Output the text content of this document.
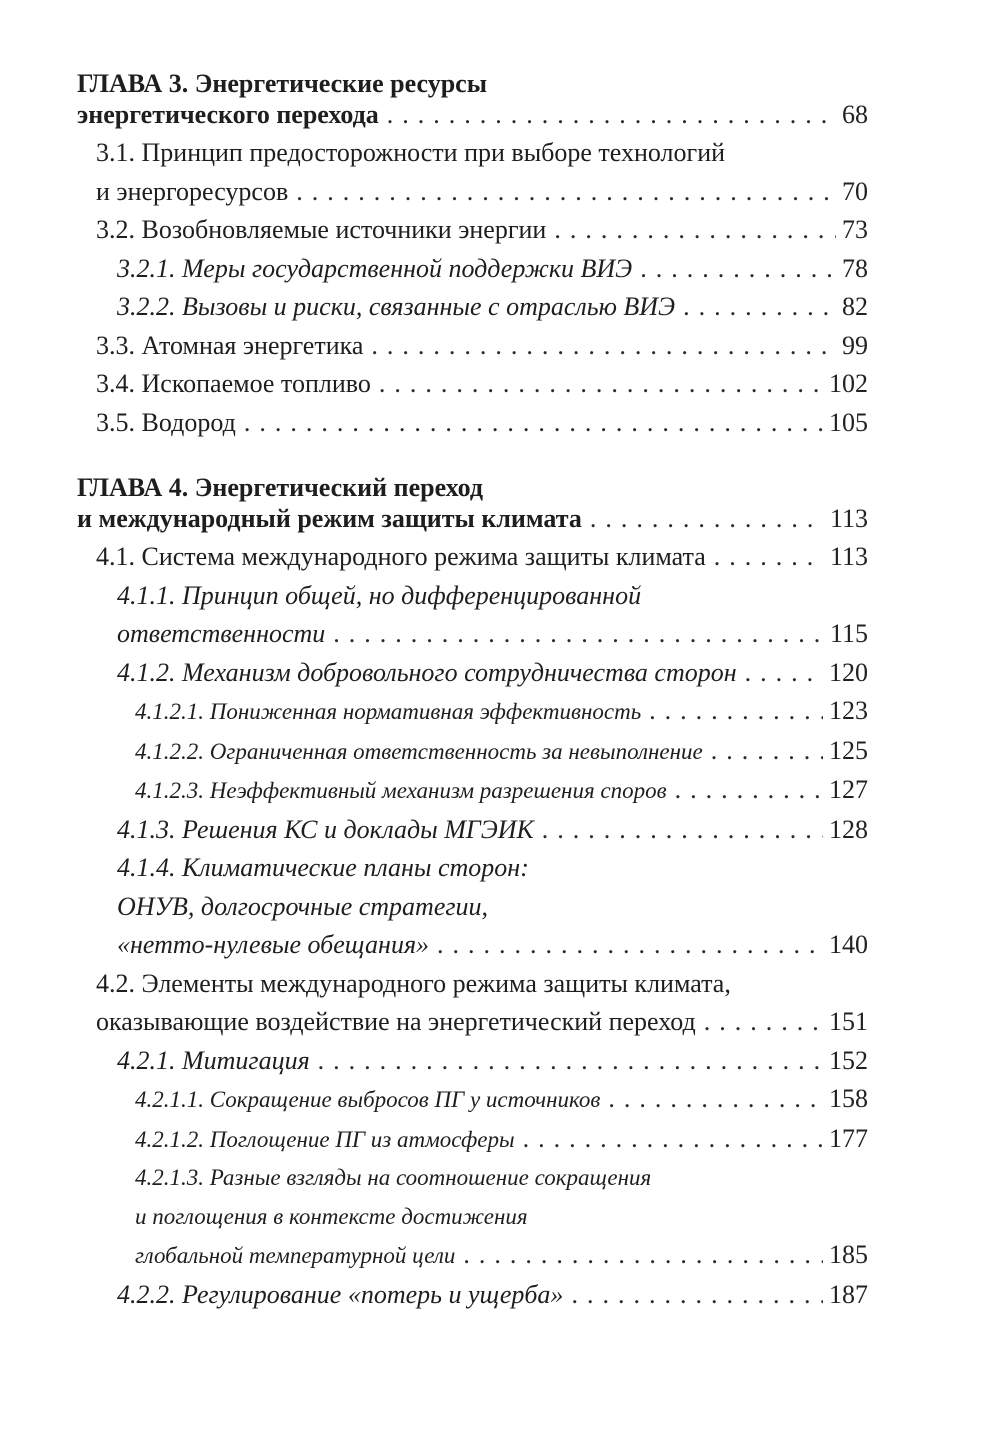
ГЛАВА 3. Энергетические ресурсы
энергетического перехода .....	68
3.1. Принцип предосторожности при выборе технологий
и энергоресурсов .....	70
3.2. Возобновляемые источники энергии .....	73
3.2.1. Меры государственной поддержки ВИЭ .....	78
3.2.2. Вызовы и риски, связанные с отраслью ВИЭ .....	82
3.3. Атомная энергетика .....	99
3.4. Ископаемое топливо .....	102
3.5. Водород .....	105
ГЛАВА 4. Энергетический переход
и международный режим защиты климата .....	113
4.1. Система международного режима защиты климата .....	113
4.1.1. Принцип общей, но дифференцированной
ответственности .....	115
4.1.2. Механизм добровольного сотрудничества сторон .....	120
4.1.2.1. Пониженная нормативная эффективность .....	123
4.1.2.2. Ограниченная ответственность за невыполнение .....	125
4.1.2.3. Неэффективный механизм разрешения споров .....	127
4.1.3. Решения КС и доклады МГЭИК .....	128
4.1.4. Климатические планы сторон:
ОНУВ, долгосрочные стратегии,
«нетто-нулевые обещания» .....	140
4.2. Элементы международного режима защиты климата,
оказывающие воздействие на энергетический переход .....	151
4.2.1. Митигация .....	152
4.2.1.1. Сокращение выбросов ПГ у источников .....	158
4.2.1.2. Поглощение ПГ из атмосферы .....	177
4.2.1.3. Разные взгляды на соотношение сокращения
и поглощения в контексте достижения
глобальной температурной цели .....	185
4.2.2. Регулирование «потерь и ущерба» .....	187
